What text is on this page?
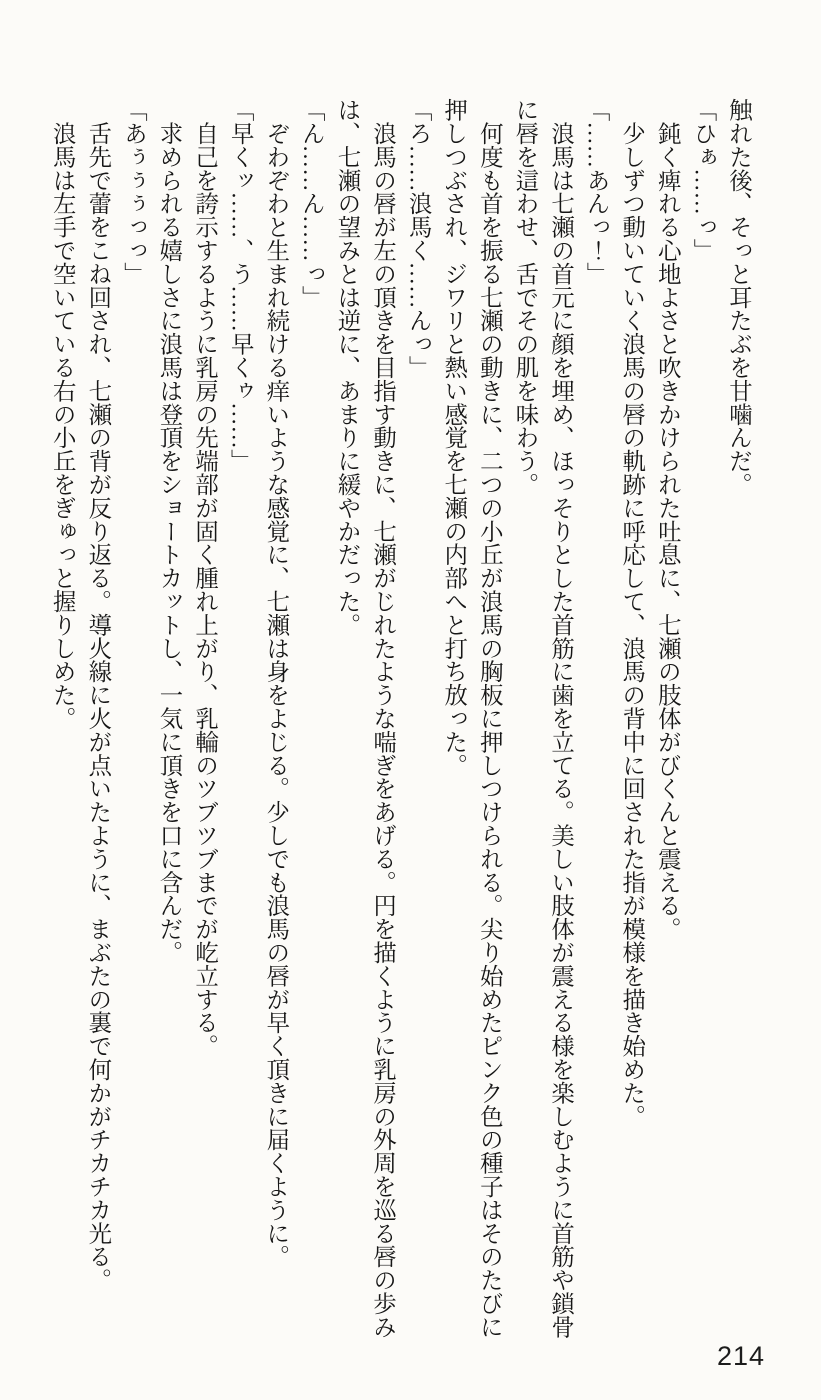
触れた後、そっと耳たぶを甘噛んだ。

「ひぁ……っ」

　鈍く痺れる心地よさと吹きかけられた吐息に、七瀬の肢体がびくんと震える。

　少しずつ動いていく浪馬の唇の軌跡に呼応して、浪馬の背中に回された指が模様を描き始めた。

「……あんっ！」

　浪馬は七瀬の首元に顔を埋め、ほっそりとした首筋に歯を立てる。美しい肢体が震える様を楽しむように首筋や鎖骨に唇を這わせ、舌でその肌を味わう。

　何度も首を振る七瀬の動きに、二つの小丘が浪馬の胸板に押しつけられる。尖り始めたピンク色の種子はそのたびに押しつぶされ、ジワリと熱い感覚を七瀬の内部へと打ち放った。

「ろ……浪馬く……んっ」

　浪馬の唇が左の頂きを目指す動きに、七瀬がじれたような喘ぎをあげる。円を描くように乳房の外周を巡る唇の歩みは、七瀬の望みとは逆に、あまりに緩やかだった。

「ん……ん……っ」

　ぞわぞわと生まれ続ける痒いような感覚に、七瀬は身をよじる。少しでも浪馬の唇が早く頂きに届くように。

「早くッ……、う……早くゥ……」

　自己を誇示するように乳房の先端部が固く腫れ上がり、乳輪のツブツブまでが屹立する。

　求められる嬉しさに浪馬は登頂をショートカットし、一気に頂きを口に含んだ。

「あぅぅぅっっ」

　舌先で蕾をこね回され、七瀬の背が反り返る。導火線に火が点いたように、まぶたの裏で何かがチカチカ光る。

　浪馬は左手で空いている右の小丘をぎゅっと握りしめた。

214
